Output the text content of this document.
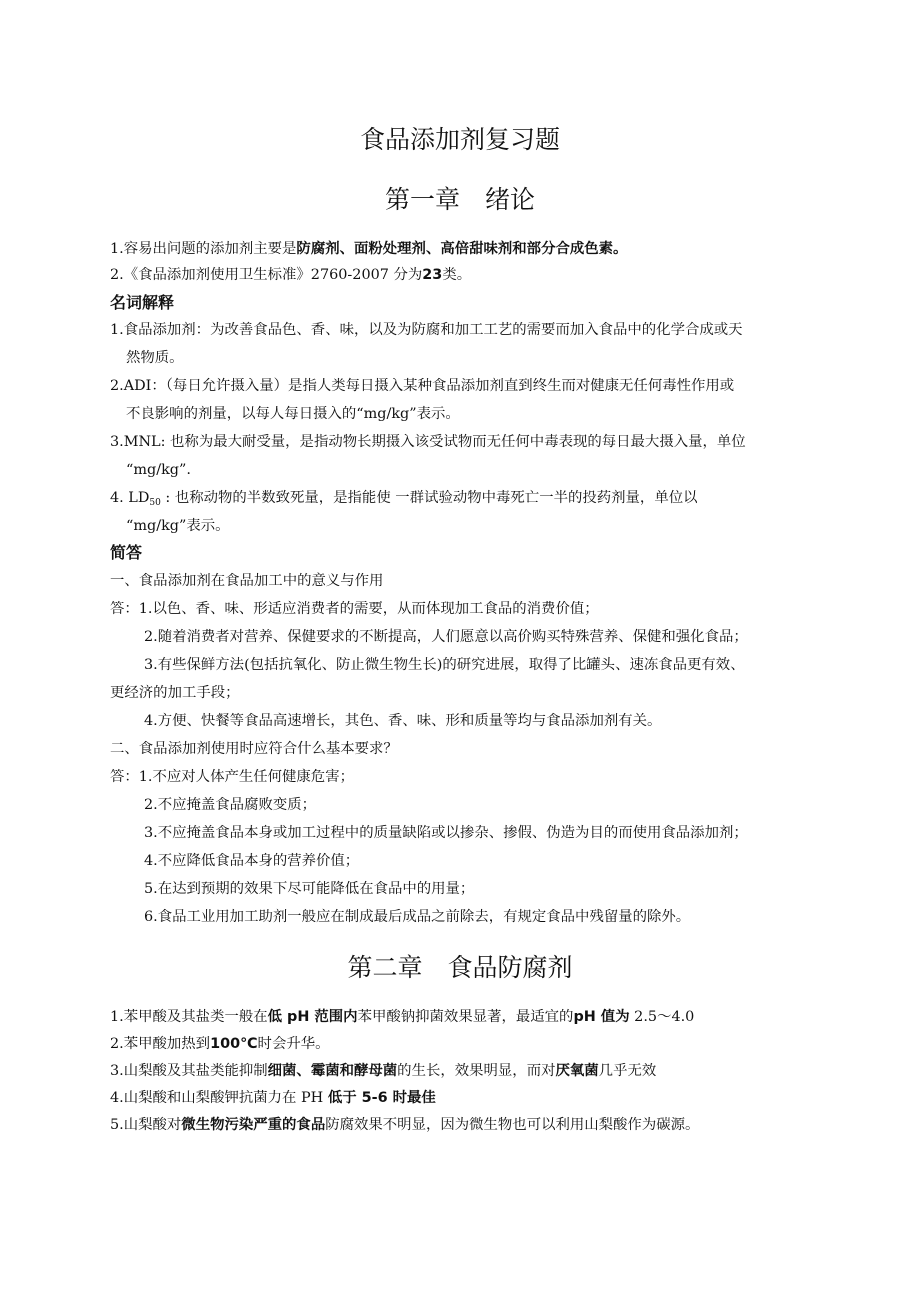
食品添加剂复习题
第一章　绪论
1.容易出问题的添加剂主要是防腐剂、面粉处理剂、高倍甜味剂和部分合成色素。
2.《食品添加剂使用卫生标准》2760-2007 分为23类。
名词解释
1.食品添加剂：为改善食品色、香、味，以及为防腐和加工工艺的需要而加入食品中的化学合成或天
然物质。
2.ADI：（每日允许摄入量）是指人类每日摄入某种食品添加剂直到终生而对健康无任何毒性作用或
不良影响的剂量，以每人每日摄入的“mg/kg”表示。
3.MNL: 也称为最大耐受量，是指动物长期摄入该受试物而无任何中毒表现的每日最大摄入量，单位
“mg/kg”.
4. $LD_{50}$ : 也称动物的半数致死量，是指能使 一群试验动物中毒死亡一半的投药剂量，单位以
“mg/kg”表示。
简答
一、食品添加剂在食品加工中的意义与作用
答：1.以色、香、味、形适应消费者的需要，从而体现加工食品的消费价值；
2.随着消费者对营养、保健要求的不断提高，人们愿意以高价购买特殊营养、保健和强化食品；
3.有些保鲜方法(包括抗氧化、防止微生物生长)的研究进展，取得了比罐头、速冻食品更有效、
更经济的加工手段；
4.方便、快餐等食品高速增长，其色、香、味、形和质量等均与食品添加剂有关。
二、食品添加剂使用时应符合什么基本要求？
答：1.不应对人体产生任何健康危害；
2.不应掩盖食品腐败变质；
3.不应掩盖食品本身或加工过程中的质量缺陷或以掺杂、掺假、伪造为目的而使用食品添加剂；
4.不应降低食品本身的营养价值；
5.在达到预期的效果下尽可能降低在食品中的用量；
6.食品工业用加工助剂一般应在制成最后成品之前除去，有规定食品中残留量的除外。
第二章　食品防腐剂
1.苯甲酸及其盐类一般在低 pH 范围内苯甲酸钠抑菌效果显著，最适宜的pH 值为 2.5～4.0
2.苯甲酸加热到100℃时会升华。
3.山梨酸及其盐类能抑制细菌、霉菌和酵母菌的生长，效果明显，而对厌氧菌几乎无效
4.山梨酸和山梨酸钾抗菌力在 PH 低于 5-6 时最佳
5.山梨酸对微生物污染严重的食品防腐效果不明显，因为微生物也可以利用山梨酸作为碳源。
